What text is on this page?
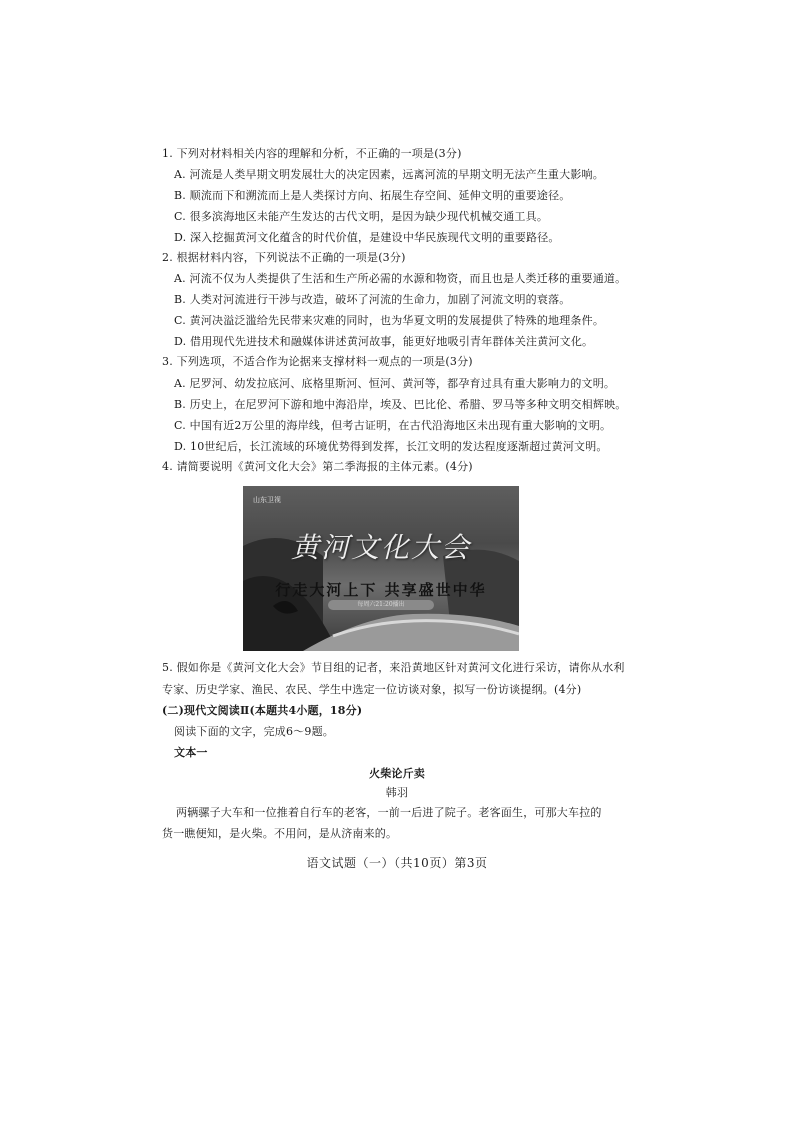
1. 下列对材料相关内容的理解和分析，不正确的一项是(3分)
A. 河流是人类早期文明发展壮大的决定因素，远离河流的早期文明无法产生重大影响。
B. 顺流而下和溯流而上是人类探讨方向、拓展生存空间、延伸文明的重要途径。
C. 很多滨海地区未能产生发达的古代文明，是因为缺少现代机械交通工具。
D. 深入挖掘黄河文化蕴含的时代价值，是建设中华民族现代文明的重要路径。
2. 根据材料内容，下列说法不正确的一项是(3分)
A. 河流不仅为人类提供了生活和生产所必需的水源和物资，而且也是人类迁移的重要通道。
B. 人类对河流进行干涉与改造，破坏了河流的生命力，加剧了河流文明的衰落。
C. 黄河决溢泛滥给先民带来灾难的同时，也为华夏文明的发展提供了特殊的地理条件。
D. 借用现代先进技术和融媒体讲述黄河故事，能更好地吸引青年群体关注黄河文化。
3. 下列选项，不适合作为论据来支撑材料一观点的一项是(3分)
A. 尼罗河、幼发拉底河、底格里斯河、恒河、黄河等，都孕育过具有重大影响力的文明。
B. 历史上，在尼罗河下游和地中海沿岸，埃及、巴比伦、希腊、罗马等多种文明交相辉映。
C. 中国有近2万公里的海岸线，但考古证明，在古代沿海地区未出现有重大影响的文明。
D. 10世纪后，长江流域的环境优势得到发挥，长江文明的发达程度逐渐超过黄河文明。
4. 请简要说明《黄河文化大会》第二季海报的主体元素。(4分)
山东卫视
黄河文化大会
行走大河上下 共享盛世中华
每周六21:20播出
5. 假如你是《黄河文化大会》节目组的记者，来沿黄地区针对黄河文化进行采访，请你从水利
专家、历史学家、渔民、农民、学生中选定一位访谈对象，拟写一份访谈提纲。(4分)
(二)现代文阅读Ⅱ(本题共4小题，18分)
阅读下面的文字，完成6～9题。
文本一
火柴论斤卖
韩羽
两辆骡子大车和一位推着自行车的老客，一前一后进了院子。老客面生，可那大车拉的
货一瞧便知，是火柴。不用问，是从济南来的。
语文试题（一）（共10页）第3页
